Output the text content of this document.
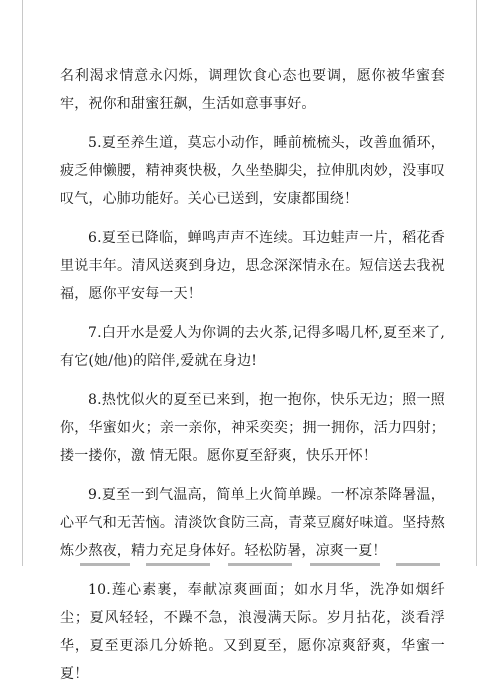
名利渴求情意永闪烁，调理饮食心态也要调，愿你被华蜜套牢，祝你和甜蜜狂飙，生活如意事事好。

5.夏至养生道，莫忘小动作，睡前梳梳头，改善血循环，疲乏伸懒腰，精神爽快极，久坐垫脚尖，拉伸肌肉妙，没事叹叹气，心肺功能好。关心已送到，安康都围绕！

6.夏至已降临，蝉鸣声声不连续。耳边蛙声一片，稻花香里说丰年。清风送爽到身边，思念深深情永在。短信送去我祝福，愿你平安每一天！

7.白开水是爱人为你调的去火茶,记得多喝几杯,夏至来了,有它(她/他)的陪伴,爱就在身边!

8.热忱似火的夏至已来到，抱一抱你，快乐无边；照一照你，华蜜如火；亲一亲你，神采奕奕；拥一拥你，活力四射；搂一搂你，激 情无限。愿你夏至舒爽，快乐开怀！

9.夏至一到气温高，简单上火简单躁。一杯凉茶降暑温，心平气和无苦恼。清淡饮食防三高，青菜豆腐好味道。坚持熬炼少熬夜，精力充足身体好。轻松防暑，凉爽一夏！

10.莲心素裹，奉献凉爽画面；如水月华，洗净如烟纤尘；夏风轻轻，不躁不急，浪漫满天际。岁月拈花，淡看浮华，夏至更添几分娇艳。又到夏至，愿你凉爽舒爽，华蜜一夏！
